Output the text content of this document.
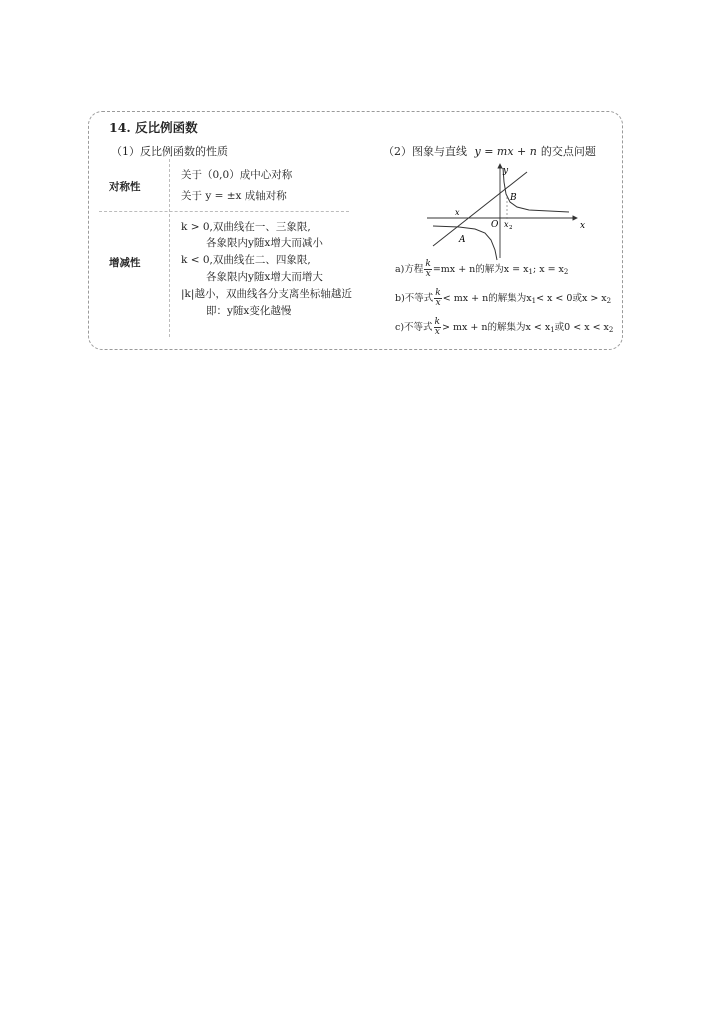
14. 反比例函数
（1）反比例函数的性质
对称性
关于（0,0）成中心对称
关于 y = ±x 成轴对称
增减性
k > 0,双曲线在一、三象限,
各象限内y随x增大而减小
k < 0,双曲线在二、四象限,
各象限内y随x增大而增大
|k|越小，双曲线各分支离坐标轴越近
即：y随x变化越慢
（2）图象与直线 y = mx + n 的交点问题
y
x
O
A
B
x
x 2
a)方程 $\frac{k}{x} =mx + n$的解为$x = x_1$; $x = x_2$
b)不等式 $\frac{k}{x}$ < mx + n的解集为$x_1< x < 0$或$x > x_2$
c)不等式 $\frac{k}{x}$ > mx + n的解集为$x < x_1$或$0 < x < x_2$
